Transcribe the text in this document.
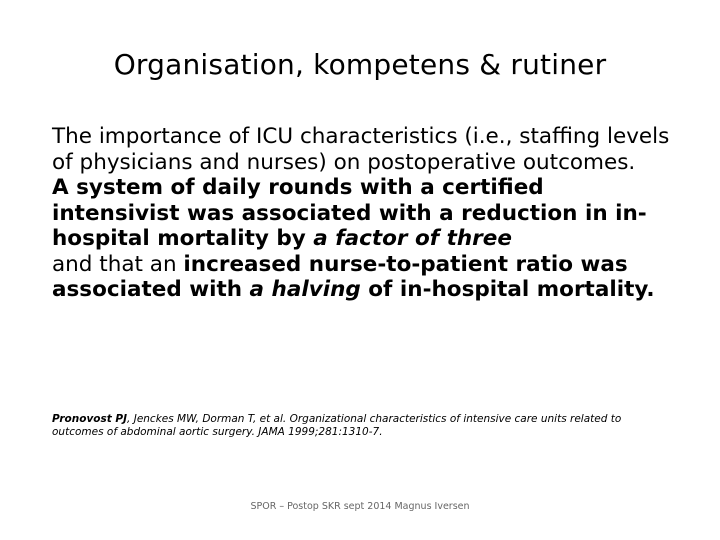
Organisation, kompetens & rutiner

The importance of ICU characteristics (i.e., staffing levels of physicians and nurses) on postoperative outcomes.

A system of daily rounds with a certified intensivist was associated with a reduction in in-hospital mortality by a factor of three

and that an increased nurse-to-patient ratio was associated with a halving of in-hospital mortality.

Pronovost PJ, Jenckes MW, Dorman T, et al. Organizational characteristics of intensive care units related to outcomes of abdominal aortic surgery. JAMA 1999;281:1310-7.
SPOR – Postop SKR sept 2014 Magnus Iversen
